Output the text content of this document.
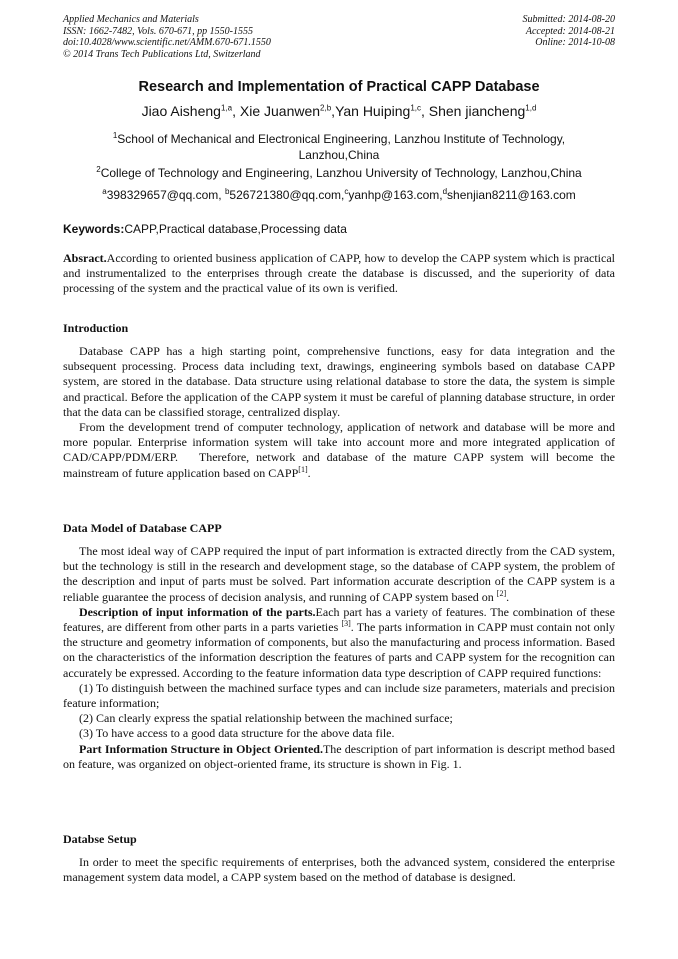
Applied Mechanics and Materials
ISSN: 1662-7482, Vols. 670-671, pp 1550-1555
doi:10.4028/www.scientific.net/AMM.670-671.1550
© 2014 Trans Tech Publications Ltd, Switzerland
Submitted: 2014-08-20
Accepted: 2014-08-21
Online: 2014-10-08
Research and Implementation of Practical CAPP Database
Jiao Aisheng$^{1,a}$, Xie Juanwen$^{2,b}$,Yan Huiping$^{1,c}$, Shen jiancheng$^{1,d}$
$^1$School of Mechanical and Electronical Engineering, Lanzhou Institute of Technology, Lanzhou,China
$^2$College of Technology and Engineering, Lanzhou University of Technology, Lanzhou,China
$^a$398329657@qq.com, $^b$526721380@qq.com,$^c$yanhp@163.com,$^d$shenjian8211@163.com
Keywords:CAPP,Practical database,Processing data

Absract.According to oriented business application of CAPP, how to develop the CAPP system which is practical and instrumentalized to the enterprises through create the database is discussed, and the superiority of data processing of the system and the practical value of its own is verified.

Introduction

Database CAPP has a high starting point, comprehensive functions, easy for data integration and the subsequent processing. Process data including text, drawings, engineering symbols based on database CAPP system, are stored in the database. Data structure using relational database to store the data, the system is simple and practical. Before the application of the CAPP system it must be careful of planning database structure, in order that the data can be classified storage, centralized display.

From the development trend of computer technology, application of network and database will be more and more popular. Enterprise information system will take into account more and more integrated application of CAD/CAPP/PDM/ERP.   Therefore, network and database of the mature CAPP system will become the mainstream of future application based on CAPP[1].

Data Model of Database CAPP

The most ideal way of CAPP required the input of part information is extracted directly from the CAD system, but the technology is still in the research and development stage, so the database of CAPP system, the problem of the description and input of parts must be solved. Part information accurate description of the CAPP system is a reliable guarantee the process of decision analysis, and running of CAPP system based on [2].

Description of input information of the parts.Each part has a variety of features. The combination of these features, are different from other parts in a parts varieties [3]. The parts information in CAPP must contain not only the structure and geometry information of components, but also the manufacturing and process information. Based on the characteristics of the information description the features of parts and CAPP system for the recognition can accurately be expressed. According to the feature information data type description of CAPP required functions:

(1) To distinguish between the machined surface types and can include size parameters, materials and precision feature information;

(2) Can clearly express the spatial relationship between the machined surface;

(3) To have access to a good data structure for the above data file.

Part Information Structure in Object Oriented.The description of part information is descript method based on feature, was organized on object-oriented frame, its structure is shown in Fig. 1.

Databse Setup

In order to meet the specific requirements of enterprises, both the advanced system, considered the enterprise management system data model, a CAPP system based on the method of database is designed.
